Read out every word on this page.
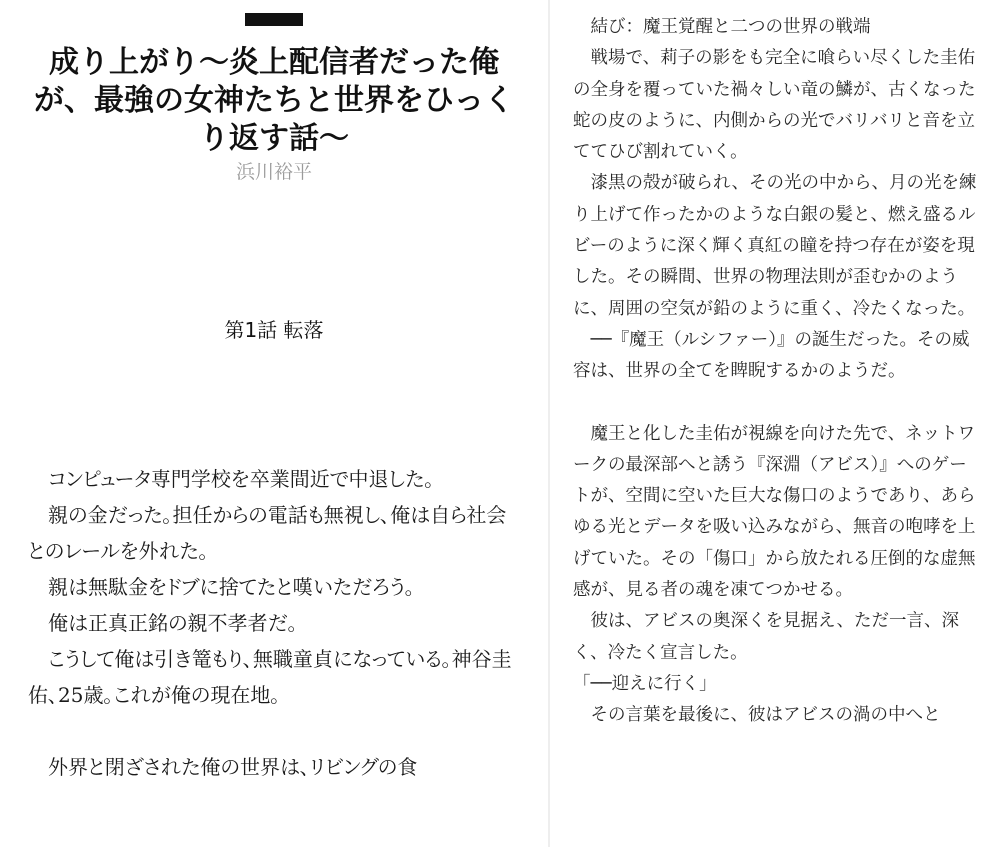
成り上がり〜炎上配信者だった俺が、最強の女神たちと世界をひっくり返す話〜
浜川裕平
第1話 転落

コンピュータ専門学校を卒業間近で中退した。

親の金だった。担任からの電話も無視し、俺は自ら社会とのレールを外れた。

親は無駄金をドブに捨てたと嘆いただろう。

俺は正真正銘の親不孝者だ。

こうして俺は引き篭もり、無職童貞になっている。神谷圭佑、25歳。これが俺の現在地。

外界と閉ざされた俺の世界は、リビングの食

結び：魔王覚醒と二つの世界の戦端

戦場で、莉子の影をも完全に喰らい尽くした圭佑の全身を覆っていた禍々しい竜の鱗が、古くなった蛇の皮のように、内側からの光でバリバリと音を立ててひび割れていく。

漆黒の殻が破られ、その光の中から、月の光を練り上げて作ったかのような白銀の髪と、燃え盛るルビーのように深く輝く真紅の瞳を持つ存在が姿を現した。その瞬間、世界の物理法則が歪むかのように、周囲の空気が鉛のように重く、冷たくなった。

──『魔王（ルシファー）』の誕生だった。その威容は、世界の全てを睥睨するかのようだ。

魔王と化した圭佑が視線を向けた先で、ネットワークの最深部へと誘う『深淵（アビス）』へのゲートが、空間に空いた巨大な傷口のようであり、あらゆる光とデータを吸い込みながら、無音の咆哮を上げていた。その「傷口」から放たれる圧倒的な虚無感が、見る者の魂を凍てつかせる。

彼は、アビスの奥深くを見据え、ただ一言、深く、冷たく宣言した。

「──迎えに行く」

その言葉を最後に、彼はアビスの渦の中へと
